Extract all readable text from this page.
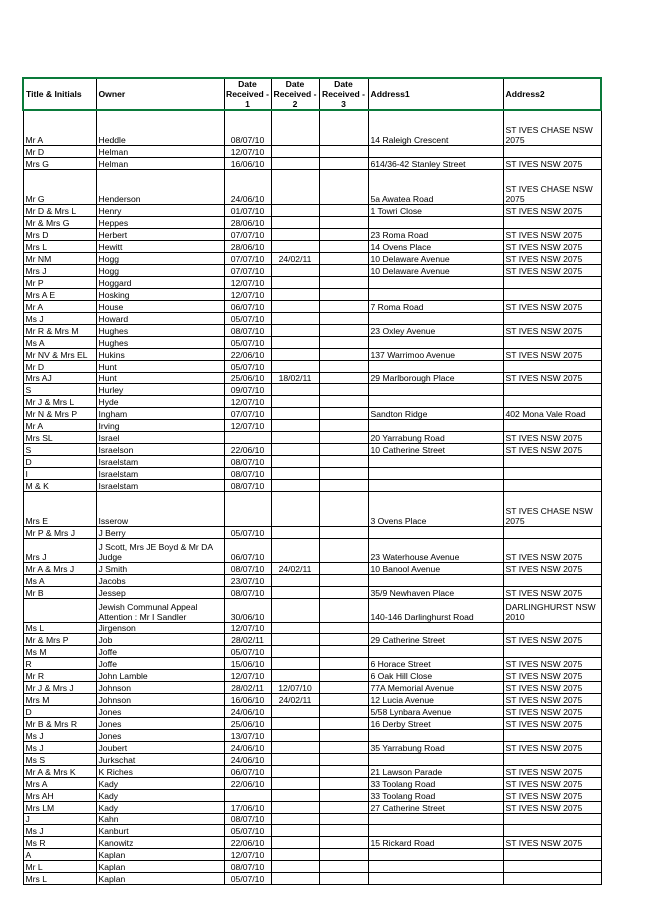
Title & Initials	Owner	Date Received - 1	Date Received - 2	Date Received - 3	Address1	Address2
Mr A	Heddle	08/07/10			14 Raleigh Crescent	ST IVES CHASE NSW 2075
Mr D	Helman	12/07/10				
Mrs G	Helman	16/06/10			614/36-42 Stanley Street	ST IVES NSW 2075
Mr G	Henderson	24/06/10			5a Awatea Road	ST IVES CHASE NSW 2075
Mr D & Mrs L	Henry	01/07/10			1 Towri Close	ST IVES NSW 2075
Mr & Mrs G	Heppes	28/06/10				
Mrs D	Herbert	07/07/10			23 Roma Road	ST IVES NSW 2075
Mrs L	Hewitt	28/06/10			14 Ovens Place	ST IVES NSW 2075
Mr NM	Hogg	07/07/10	24/02/11		10 Delaware Avenue	ST IVES NSW 2075
Mrs J	Hogg	07/07/10			10 Delaware Avenue	ST IVES NSW 2075
Mr P	Hoggard	12/07/10				
Mrs A E	Hosking	12/07/10				
Mr A	House	06/07/10			7 Roma Road	ST IVES NSW 2075
Ms J	Howard	05/07/10				
Mr R & Mrs M	Hughes	08/07/10			23 Oxley Avenue	ST IVES NSW 2075
Ms A	Hughes	05/07/10				
Mr NV & Mrs EL	Hukins	22/06/10			137 Warrimoo Avenue	ST IVES NSW 2075
Mr D	Hunt	05/07/10				
Mrs AJ	Hunt	25/06/10	18/02/11		29 Marlborough Place	ST IVES NSW 2075
S	Hurley	09/07/10				
Mr J & Mrs L	Hyde	12/07/10				
Mr N & Mrs P	Ingham	07/07/10			Sandton Ridge	402 Mona Vale Road
Mr A	Irving	12/07/10				
Mrs SL	Israel				20 Yarrabung Road	ST IVES NSW 2075
S	Israelson	22/06/10			10 Catherine Street	ST IVES NSW 2075
D	Israelstam	08/07/10				
I	Israelstam	08/07/10				
M & K	Israelstam	08/07/10				
Mrs E	Isserow				3 Ovens Place	ST IVES CHASE NSW 2075
Mr P & Mrs J	J Berry	05/07/10				
Mrs J	J Scott, Mrs JE Boyd & Mr DA Judge	06/07/10			23 Waterhouse Avenue	ST IVES NSW 2075
Mr A & Mrs J	J Smith	08/07/10	24/02/11		10 Banool Avenue	ST IVES NSW 2075
Ms A	Jacobs	23/07/10				
Mr B	Jessep	08/07/10			35/9 Newhaven Place	ST IVES NSW 2075
	Jewish Communal Appeal Attention : Mr I Sandler	30/06/10			140-146 Darlinghurst Road	DARLINGHURST NSW 2010
Ms L	Jirgenson	12/07/10				
Mr & Mrs P	Job	28/02/11			29 Catherine Street	ST IVES NSW 2075
Ms M	Joffe	05/07/10				
R	Joffe	15/06/10			6 Horace Street	ST IVES NSW 2075
Mr R	John Lamble	12/07/10			6 Oak Hill Close	ST IVES NSW 2075
Mr J & Mrs J	Johnson	28/02/11	12/07/10		77A Memorial Avenue	ST IVES NSW 2075
Mrs M	Johnson	16/06/10	24/02/11		12 Lucia Avenue	ST IVES NSW 2075
D	Jones	24/06/10			5/58 Lynbara Avenue	ST IVES NSW 2075
Mr B & Mrs R	Jones	25/06/10			16 Derby Street	ST IVES NSW 2075
Ms J	Jones	13/07/10				
Ms J	Joubert	24/06/10			35 Yarrabung Road	ST IVES NSW 2075
Ms S	Jurkschat	24/06/10				
Mr A & Mrs K	K Riches	06/07/10			21 Lawson Parade	ST IVES NSW 2075
Mrs A	Kady	22/06/10			33 Toolang Road	ST IVES NSW 2075
Mrs AH	Kady				33 Toolang Road	ST IVES NSW 2075
Mrs LM	Kady	17/06/10			27 Catherine Street	ST IVES NSW 2075
J	Kahn	08/07/10				
Ms J	Kanburt	05/07/10				
Ms R	Kanowitz	22/06/10			15 Rickard Road	ST IVES NSW 2075
A	Kaplan	12/07/10				
Mr L	Kaplan	08/07/10				
Mrs L	Kaplan	05/07/10				
